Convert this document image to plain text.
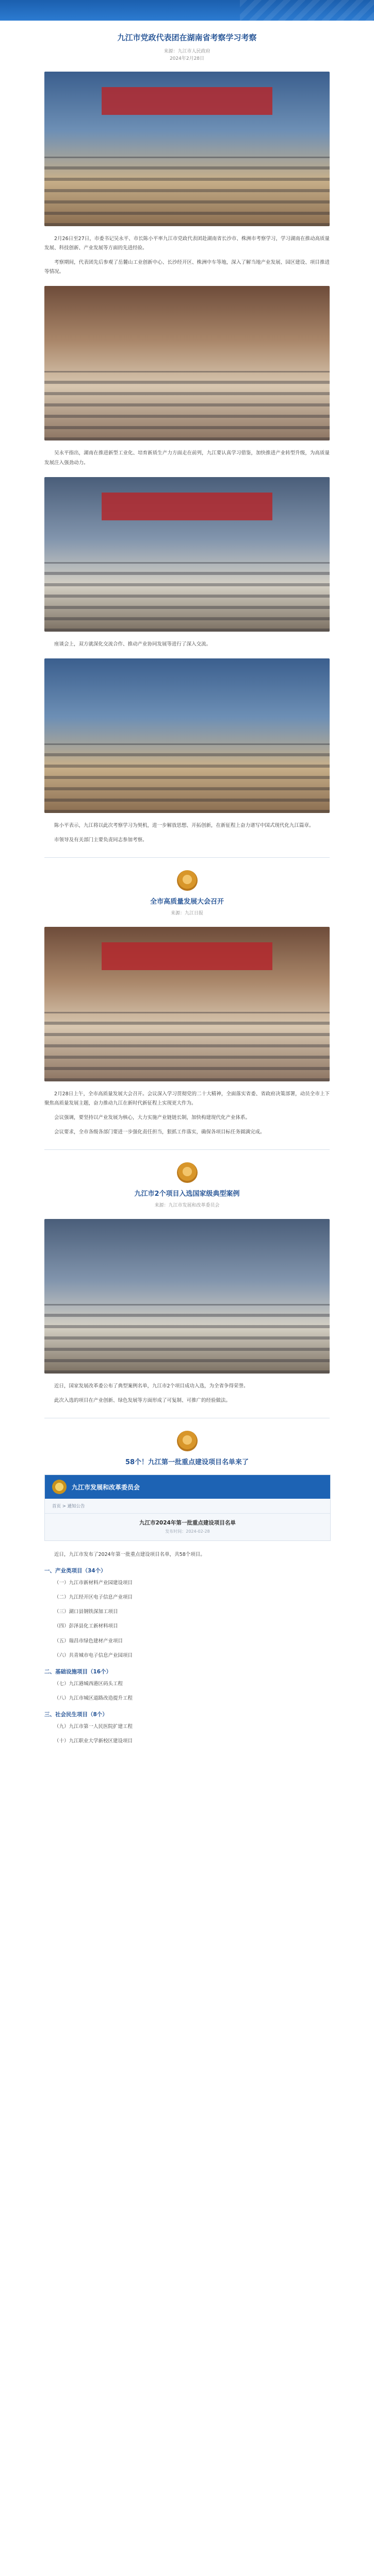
九江市党政代表团在湖南省考察学习考察
来源：九江市人民政府
2024年2月28日

2月26日至27日，市委书记吴永平、市长陈小平率九江市党政代表团赴湖南省长沙市、株洲市考察学习，学习湖南在推动高质量发展、科技创新、产业发展等方面的先进经验。

考察期间，代表团先后参观了岳麓山工业创新中心、长沙经开区、株洲中车等地，深入了解当地产业发展、园区建设、项目推进等情况。

吴永平指出，湖南在推进新型工业化、培育新质生产力方面走在前列，九江要认真学习借鉴，加快推进产业转型升级，为高质量发展注入强劲动力。

座谈会上，双方就深化交流合作、推动产业协同发展等进行了深入交流。

陈小平表示，九江将以此次考察学习为契机，进一步解放思想、开拓创新，在新征程上奋力谱写中国式现代化九江篇章。

市领导及有关部门主要负责同志参加考察。

全市高质量发展大会召开
来源：九江日报

2月28日上午，全市高质量发展大会召开。会议深入学习贯彻党的二十大精神，全面落实省委、省政府决策部署，动员全市上下聚焦高质量发展主题，奋力推动九江在新时代新征程上实现更大作为。

会议强调，要坚持以产业发展为核心，大力实施产业链链长制，加快构建现代化产业体系。

会议要求，全市各级各部门要进一步强化责任担当，狠抓工作落实，确保各项目标任务圆满完成。

九江市2个项目入选国家级典型案例
来源：九江市发展和改革委员会

近日，国家发展改革委公布了典型案例名单，九江市2个项目成功入选，为全省争得荣誉。

此次入选的项目在产业创新、绿色发展等方面形成了可复制、可推广的经验做法。

58个！九江第一批重点建设项目名单来了
九江市发展和改革委员会
首页 > 通知公告
九江市2024年第一批重点建设项目名单
发布时间：2024-02-28

近日，九江市发布了2024年第一批重点建设项目名单，共58个项目。

一、产业类项目（34个）

（一）九江市新材料产业园建设项目

（二）九江经开区电子信息产业项目

（三）湖口县钢铁深加工项目

（四）彭泽县化工新材料项目

（五）瑞昌市绿色建材产业项目

（六）共青城市电子信息产业园项目

二、基础设施项目（16个）

（七）九江港城西港区码头工程

（八）九江市城区道路改造提升工程

三、社会民生项目（8个）

（九）九江市第一人民医院扩建工程

（十）九江职业大学新校区建设项目
